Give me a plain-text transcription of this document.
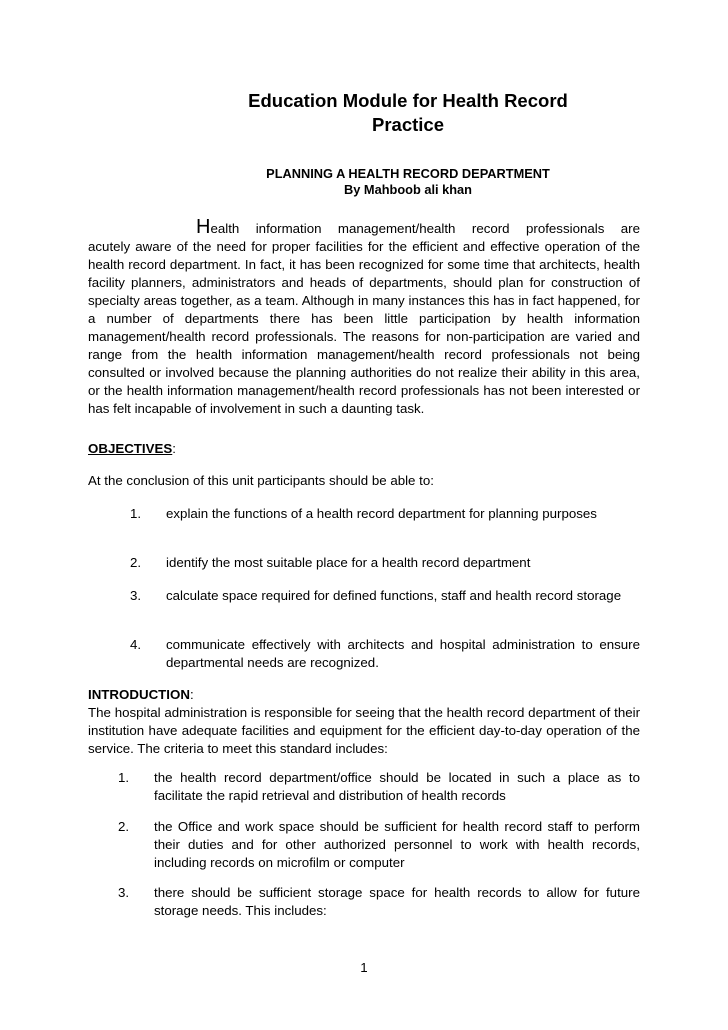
Education Module for Health Record
Practice
PLANNING A HEALTH RECORD DEPARTMENT
By Mahboob ali khan

Health information management/health record professionals are
acutely aware of the need for proper facilities for the efficient and effective operation of the health record department. In fact, it has been recognized for some time that architects, health facility planners, administrators and heads of departments, should plan for construction of specialty areas together, as a team. Although in many instances this has in fact happened, for a number of departments there has been little participation by health information management/health record professionals. The reasons for non-participation are varied and range from the health information management/health record professionals not being consulted or involved because the planning authorities do not realize their ability in this area, or the health information management/health record professionals has not been interested or has felt incapable of involvement in such a daunting task.

OBJECTIVES:

At the conclusion of this unit participants should be able to:

1. explain the functions of a health record department for planning purposes
2. identify the most suitable place for a health record department
3. calculate space required for defined functions, staff and health record storage
4. communicate effectively with architects and hospital administration to ensure departmental needs are recognized.

INTRODUCTION:

The hospital administration is responsible for seeing that the health record department of their institution have adequate facilities and equipment for the efficient day-to-day operation of the service. The criteria to meet this standard includes:

1. the health record department/office should be located in such a place as to facilitate the rapid retrieval and distribution of health records
2. the Office and work space should be sufficient for health record staff to perform their duties and for other authorized personnel to work with health records, including records on microfilm or computer
3. there should be sufficient storage space for health records to allow for future storage needs. This includes:
1
